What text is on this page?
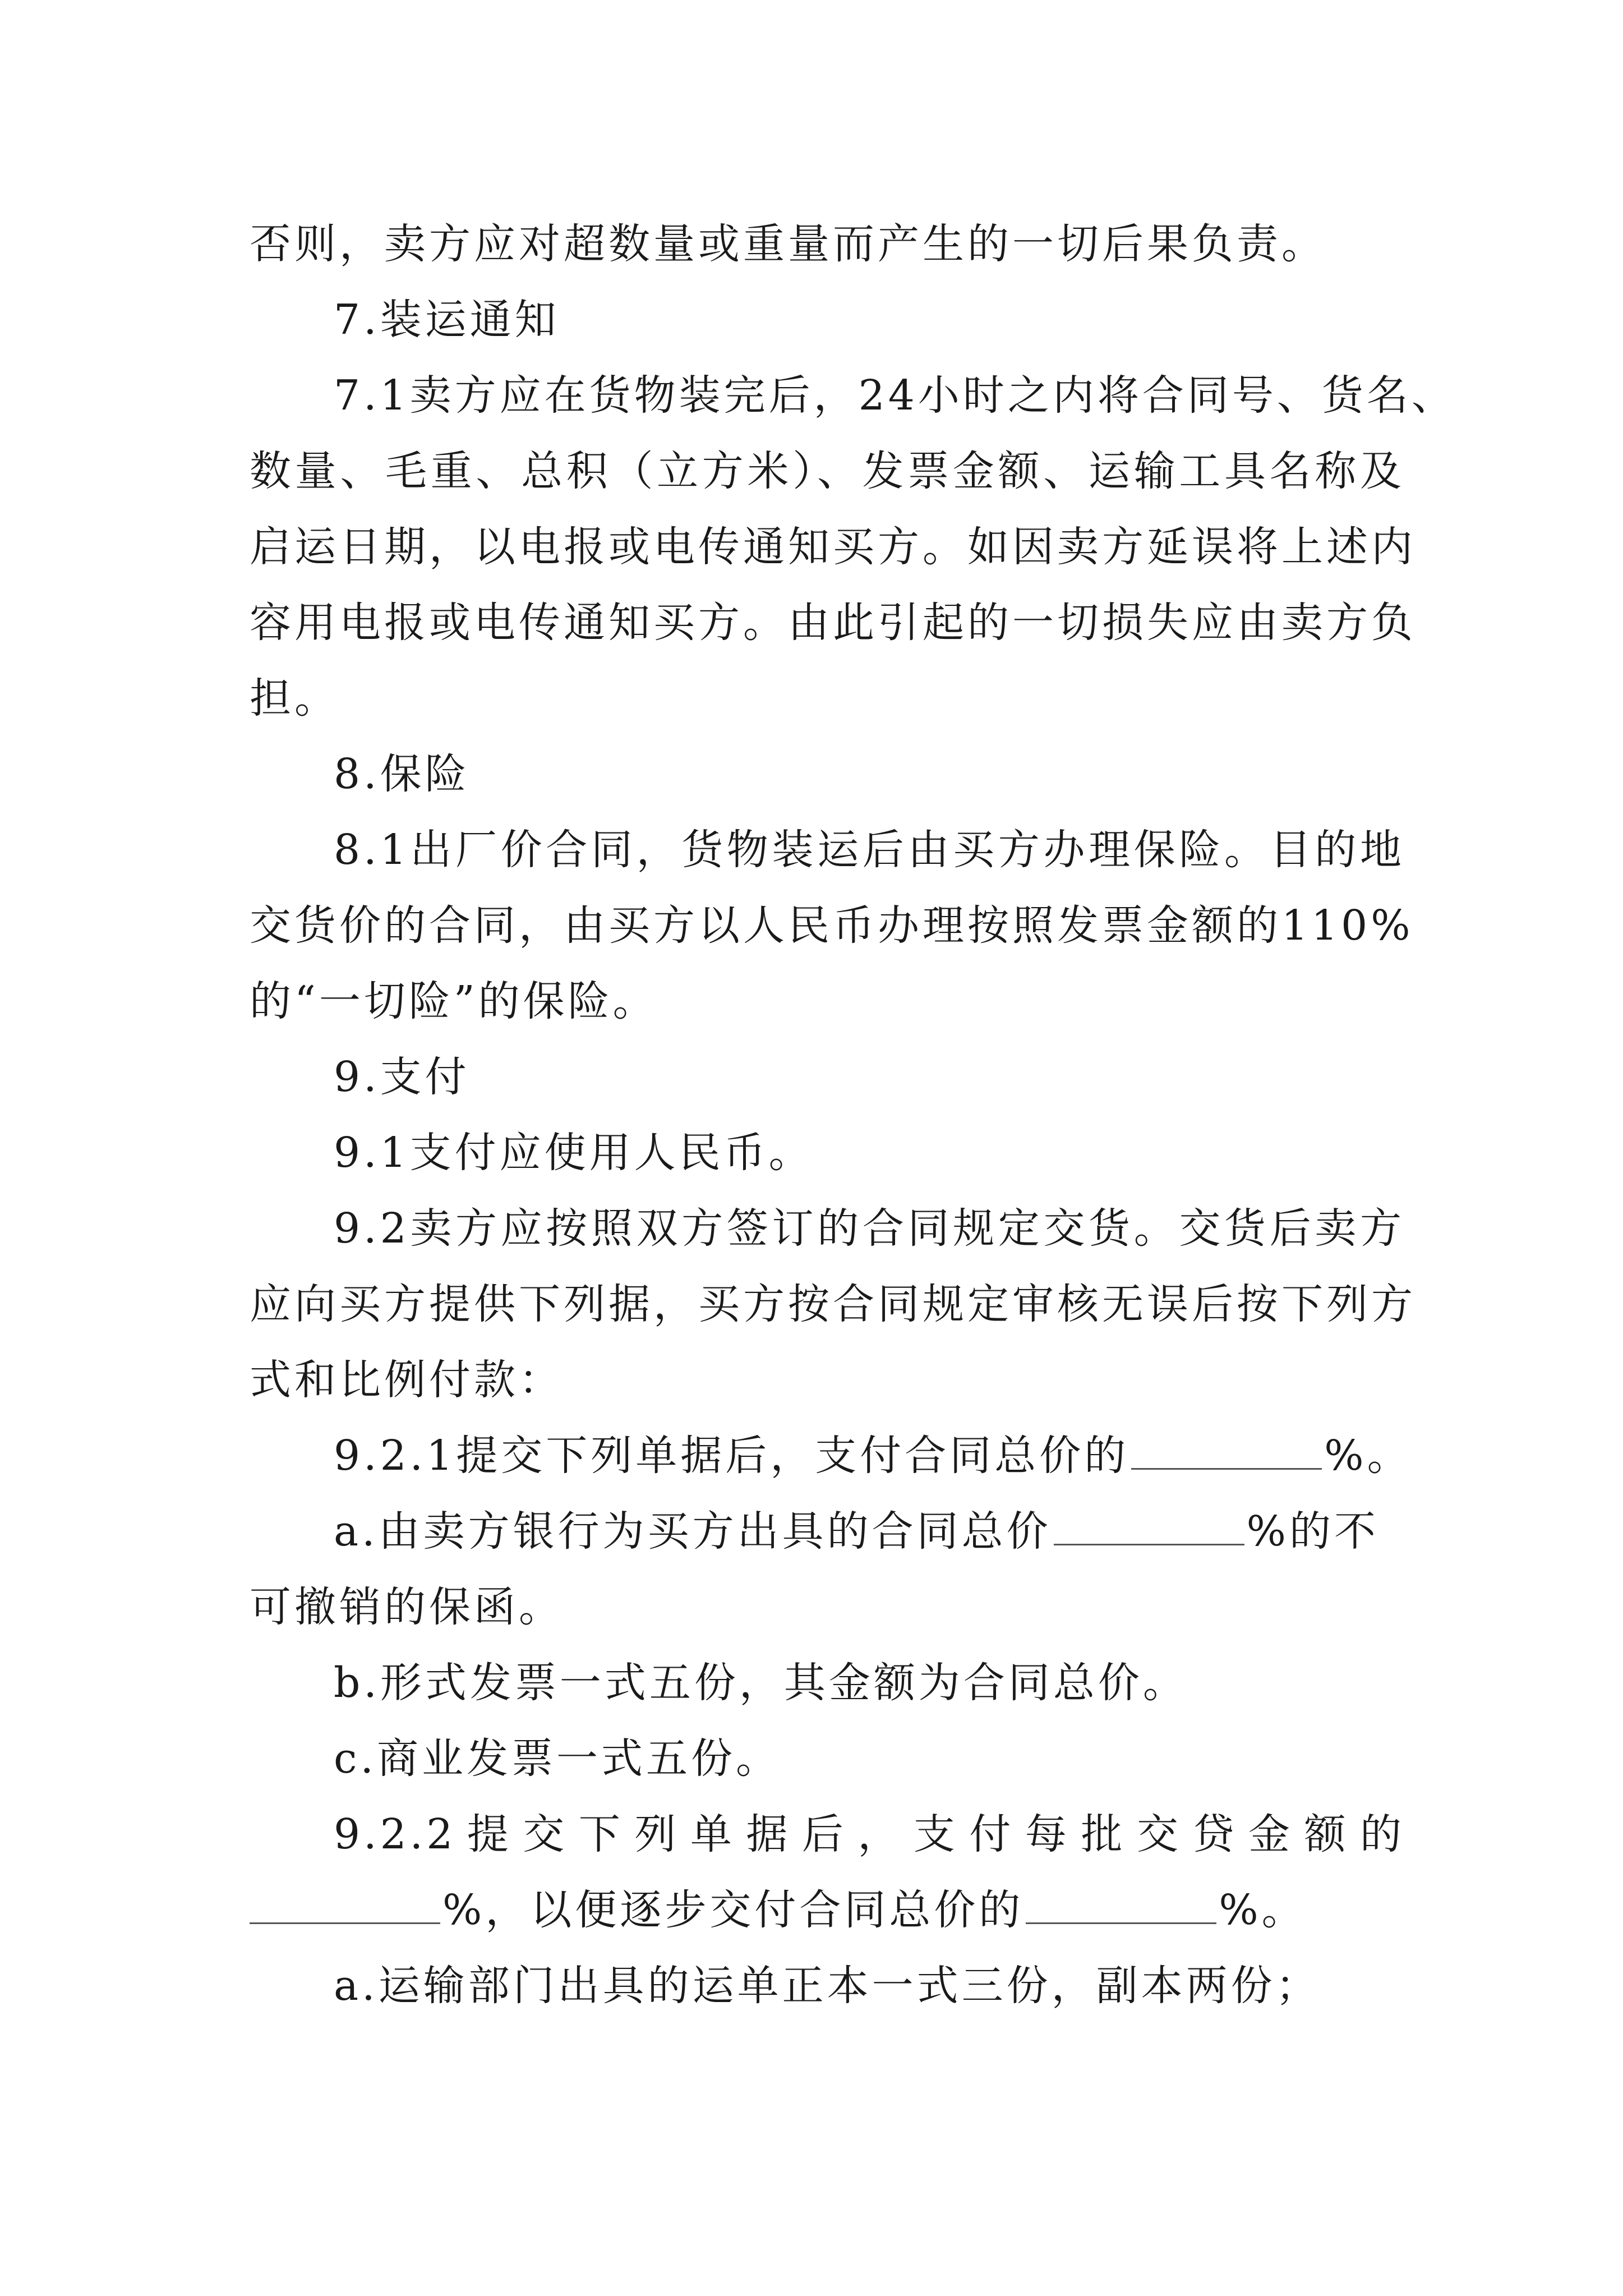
否则，卖方应对超数量或重量而产生的一切后果负责。
7.装运通知
7.1卖方应在货物装完后，24小时之内将合同号、货名、
数量、毛重、总积（立方米）、发票金额、运输工具名称及
启运日期，以电报或电传通知买方。如因卖方延误将上述内
容用电报或电传通知买方。由此引起的一切损失应由卖方负
担。
8.保险
8.1出厂价合同，货物装运后由买方办理保险。目的地
交货价的合同，由买方以人民币办理按照发票金额的110%
的“一切险”的保险。
9.支付
9.1支付应使用人民币。
9.2卖方应按照双方签订的合同规定交货。交货后卖方
应向买方提供下列据，买方按合同规定审核无误后按下列方
式和比例付款：
9.2.1提交下列单据后，支付合同总价的	%。
a.由卖方银行为买方出具的合同总价	%的不
可撤销的保函。
b.形式发票一式五份，其金额为合同总价。
c.商业发票一式五份。
9.2.2提交下列单据后，支付每批交贷金额的
%，以便逐步交付合同总价的	%。
a.运输部门出具的运单正本一式三份，副本两份；
